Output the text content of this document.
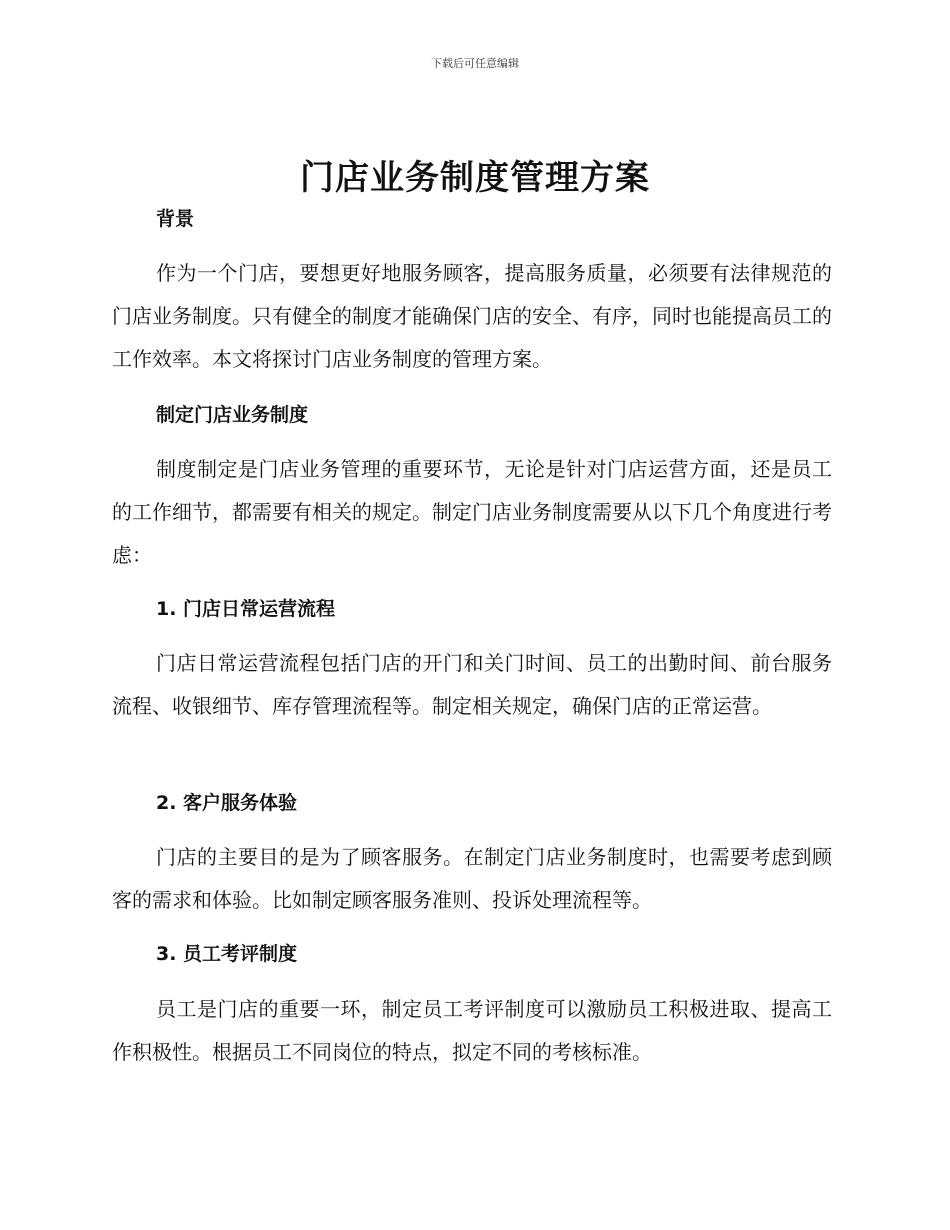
下载后可任意编辑
门店业务制度管理方案

背景

作为一个门店，要想更好地服务顾客，提高服务质量，必须要有法律规范的门店业务制度。只有健全的制度才能确保门店的安全、有序，同时也能提高员工的工作效率。本文将探讨门店业务制度的管理方案。

制定门店业务制度

制度制定是门店业务管理的重要环节，无论是针对门店运营方面，还是员工的工作细节，都需要有相关的规定。制定门店业务制度需要从以下几个角度进行考虑：

1. 门店日常运营流程

门店日常运营流程包括门店的开门和关门时间、员工的出勤时间、前台服务流程、收银细节、库存管理流程等。制定相关规定，确保门店的正常运营。

2. 客户服务体验

门店的主要目的是为了顾客服务。在制定门店业务制度时，也需要考虑到顾客的需求和体验。比如制定顾客服务准则、投诉处理流程等。

3. 员工考评制度

员工是门店的重要一环，制定员工考评制度可以激励员工积极进取、提高工作积极性。根据员工不同岗位的特点，拟定不同的考核标准。
